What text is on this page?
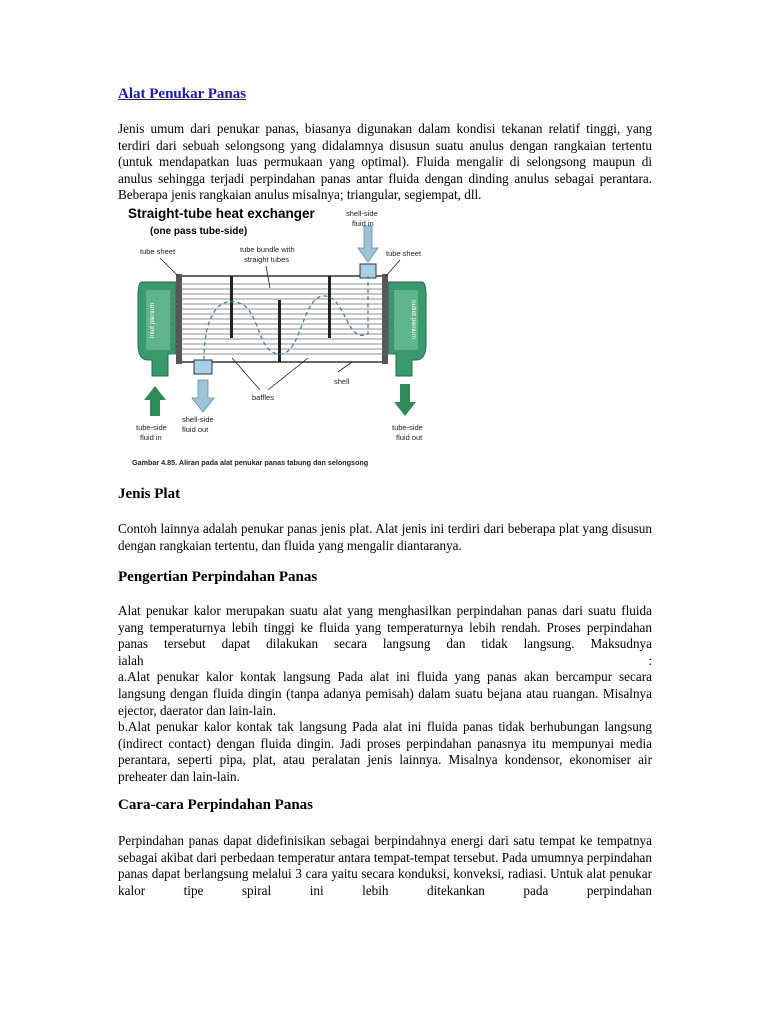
Alat Penukar Panas

Jenis umum dari penukar panas, biasanya digunakan dalam kondisi tekanan relatif tinggi, yang terdiri dari sebuah selongsong yang didalamnya disusun suatu anulus dengan rangkaian tertentu (untuk mendapatkan luas permukaan yang optimal). Fluida mengalir di selongsong maupun di anulus sehingga terjadi perpindahan panas antar fluida dengan dinding anulus sebagai perantara. Beberapa jenis rangkaian anulus misalnya; triangular, segiempat, dll.

Straight-tube heat exchanger
(one pass tube-side)
inlet plenum	outlet plenum
tube sheet	tube bundle with
straight tubes
shell-side
fluid in
tube sheet
shell
baffles
tube-side
fluid in
shell-side
fluid out	tube-side
fluid out
Gambar 4.85. Aliran pada alat penukar panas tabung dan selongsong
Jenis Plat

Contoh lainnya adalah penukar panas jenis plat. Alat jenis ini terdiri dari beberapa plat yang disusun dengan rangkaian tertentu, dan fluida yang mengalir diantaranya.

Pengertian Perpindahan Panas

Alat penukar kalor merupakan suatu alat yang menghasilkan perpindahan panas dari suatu fluida yang temperaturnya lebih tinggi ke fluida yang temperaturnya lebih rendah. Proses perpindahan panas tersebut dapat dilakukan secara langsung dan tidak langsung. Maksudnya

ialah	:

a.Alat penukar kalor kontak langsung Pada alat ini fluida yang panas akan bercampur secara langsung dengan fluida dingin (tanpa adanya pemisah) dalam suatu bejana atau ruangan. Misalnya ejector, daerator dan lain-lain.

b.Alat penukar kalor kontak tak langsung Pada alat ini fluida panas tidak berhubungan langsung (indirect contact) dengan fluida dingin. Jadi proses perpindahan panasnya itu mempunyai media perantara, seperti pipa, plat, atau peralatan jenis lainnya. Misalnya kondensor, ekonomiser air preheater dan lain-lain.

Cara-cara Perpindahan Panas

Perpindahan panas dapat didefinisikan sebagai berpindahnya energi dari satu tempat ke tempatnya sebagai akibat dari perbedaan temperatur antara tempat-tempat tersebut. Pada umumnya perpindahan panas dapat berlangsung melalui 3 cara yaitu secara konduksi, konveksi, radiasi. Untuk alat penukar kalor tipe spiral ini lebih ditekankan pada perpindahan
